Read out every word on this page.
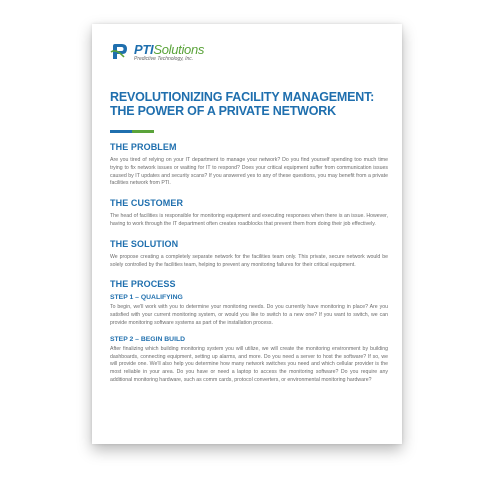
PTISolutions
Predictive Technology, Inc.
REVOLUTIONIZING FACILITY MANAGEMENT:
THE POWER OF A PRIVATE NETWORK
THE PROBLEM

Are you tired of relying on your IT department to manage your network? Do you find yourself spending too much time trying to fix network issues or waiting for IT to respond? Does your critical equipment suffer from communication issues caused by IT updates and security scans? If you answered yes to any of these questions, you may benefit from a private facilities network from PTI.

THE CUSTOMER

The head of facilities is responsible for monitoring equipment and executing responses when there is an issue. However, having to work through the IT department often creates roadblocks that prevent them from doing their job effectively.

THE SOLUTION

We propose creating a completely separate network for the facilities team only. This private, secure network would be solely controlled by the facilities team, helping to prevent any monitoring failures for their critical equipment.

THE PROCESS
STEP 1 – QUALIFYING

To begin, we'll work with you to determine your monitoring needs. Do you currently have monitoring in place? Are you satisfied with your current monitoring system, or would you like to switch to a new one? If you want to switch, we can provide monitoring software systems as part of the installation process.

STEP 2 – BEGIN BUILD

After finalizing which building monitoring system you will utilize, we will create the monitoring environment by building dashboards, connecting equipment, setting up alarms, and more. Do you need a server to host the software? If so, we will provide one. We'll also help you determine how many network switches you need and which cellular provider is the most reliable in your area. Do you have or need a laptop to access the monitoring software? Do you require any additional monitoring hardware, such as comm cards, protocol converters, or environmental monitoring hardware?
